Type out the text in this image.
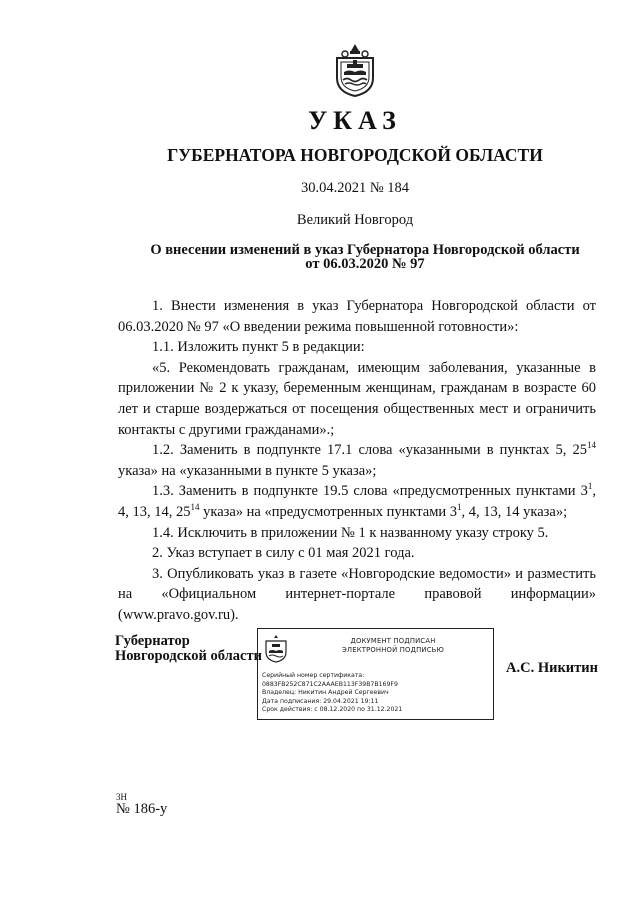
УКАЗ
ГУБЕРНАТОРА НОВГОРОДСКОЙ ОБЛАСТИ
30.04.2021 № 184
Великий Новгород
О внесении изменений в указ Губернатора Новгородской области
от 06.03.2020 № 97

1. Внести изменения в указ Губернатора Новгородской области от 06.03.2020 № 97 «О введении режима повышенной готовности»:

1.1. Изложить пункт 5 в редакции:

«5. Рекомендовать гражданам, имеющим заболевания, указанные в приложении № 2 к указу, беременным женщинам, гражданам в возрасте 60 лет и старше воздержаться от посещения общественных мест и ограничить контакты с другими гражданами».;

1.2. Заменить в подпункте 17.1 слова «указанными в пунктах 5, $25^{14}$ указа» на «указанными в пункте 5 указа»;

1.3. Заменить в подпункте 19.5 слова «предусмотренных пунктами $3^1$, 4, 13, 14, $25^{14}$ указа» на «предусмотренных пунктами $3^1$, 4, 13, 14 указа»;

1.4. Исключить в приложении № 1 к названному указу строку 5.

2. Указ вступает в силу с 01 мая 2021 года.

3. Опубликовать указ в газете «Новгородские ведомости» и разместить на «Официальном интернет-портале правовой информации» (www.pravo.gov.ru).

Губернатор
Новгородской области
ДОКУМЕНТ ПОДПИСАН
ЭЛЕКТРОННОЙ ПОДПИСЬЮ
Серийный номер сертификата:
0883FB252C871C2AAAEB113F39B7B169F9
Владелец: Никитин Андрей Сергеевич
Дата подписания: 29.04.2021 19:11
Срок действия: с 08.12.2020 по 31.12.2021
А.С. Никитин
3Н
№ 186-у
